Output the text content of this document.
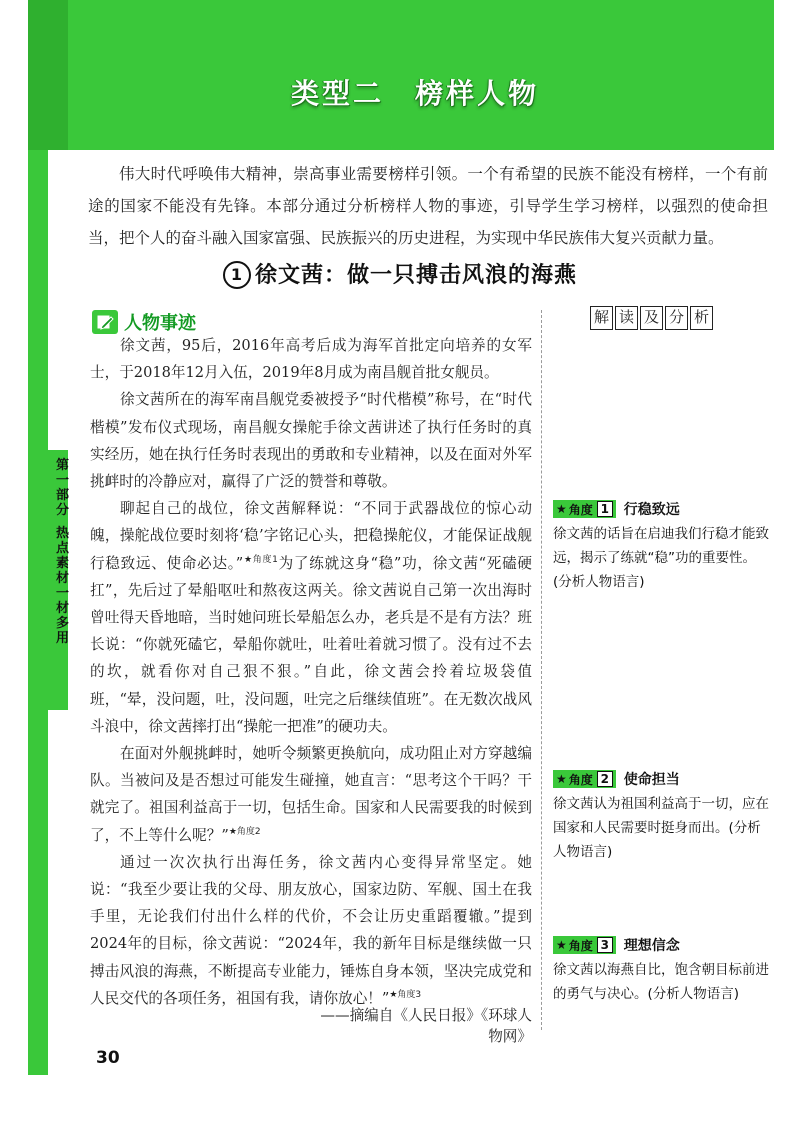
类型二　榜样人物
第一部分
热点素材一材多用
伟大时代呼唤伟大精神，崇高事业需要榜样引领。一个有希望的民族不能没有榜样，一个有前途的国家不能没有先锋。本部分通过分析榜样人物的事迹，引导学生学习榜样，以强烈的使命担当，把个人的奋斗融入国家富强、民族振兴的历史进程，为实现中华民族伟大复兴贡献力量。
1 徐文茜：做一只搏击风浪的海燕
人物事迹	解 读 及 分 析

徐文茜，95后，2016年高考后成为海军首批定向培养的女军士，于2018年12月入伍，2019年8月成为南昌舰首批女舰员。

徐文茜所在的海军南昌舰党委被授予“时代楷模”称号，在“时代楷模”发布仪式现场，南昌舰女操舵手徐文茜讲述了执行任务时的真实经历，她在执行任务时表现出的勇敢和专业精神，以及在面对外军挑衅时的冷静应对，赢得了广泛的赞誉和尊敬。

聊起自己的战位，徐文茜解释说：“不同于武器战位的惊心动魄，操舵战位要时刻将‘稳’字铭记心头，把稳操舵仪，才能保证战舰行稳致远、使命必达。”$^{★角度1}$为了练就这身“稳”功，徐文茜“死磕硬扛”，先后过了晕船呕吐和熬夜这两关。徐文茜说自己第一次出海时曾吐得天昏地暗，当时她问班长晕船怎么办，老兵是不是有方法？班长说：“你就死磕它，晕船你就吐，吐着吐着就习惯了。没有过不去的坎，就看你对自己狠不狠。”自此，徐文茜会拎着垃圾袋值班，“晕，没问题，吐，没问题，吐完之后继续值班”。在无数次战风斗浪中，徐文茜摔打出“操舵一把准”的硬功夫。

在面对外舰挑衅时，她听令频繁更换航向，成功阻止对方穿越编队。当被问及是否想过可能发生碰撞，她直言：“思考这个干吗？干就完了。祖国利益高于一切，包括生命。国家和人民需要我的时候到了，不上等什么呢？”$^{★角度2}$

通过一次次执行出海任务，徐文茜内心变得异常坚定。她说：“我至少要让我的父母、朋友放心，国家边防、军舰、国土在我手里，无论我们付出什么样的代价，不会让历史重蹈覆辙。”提到2024年的目标，徐文茜说：“2024年，我的新年目标是继续做一只搏击风浪的海燕，不断提高专业能力，锤炼自身本领，坚决完成党和人民交代的各项任务，祖国有我，请你放心！”$^{★角度3}$

——摘编自《人民日报》《环球人物网》
★ 角度 1 行稳致远
徐文茜的话旨在启迪我们行稳才能致远，揭示了练就“稳”功的重要性。(分析人物语言)
★ 角度 2 使命担当
徐文茜认为祖国利益高于一切，应在国家和人民需要时挺身而出。(分析人物语言)
★ 角度 3 理想信念
徐文茜以海燕自比，饱含朝目标前进的勇气与决心。(分析人物语言)
30
